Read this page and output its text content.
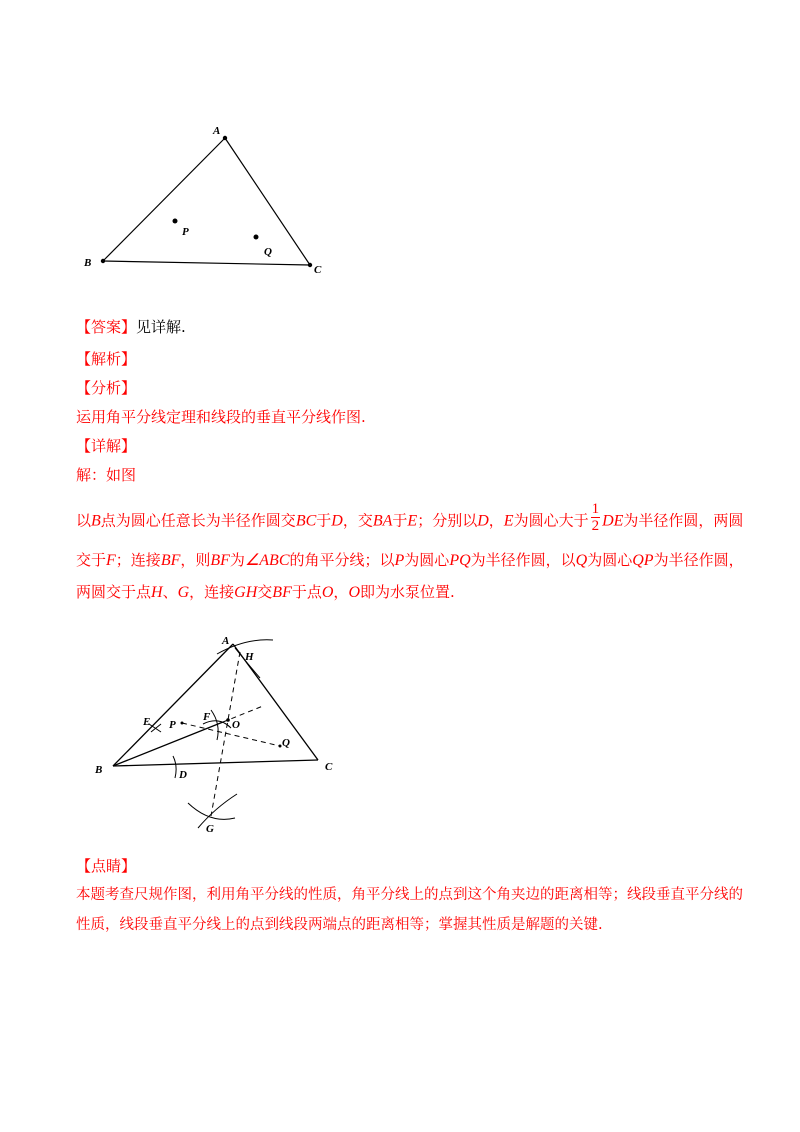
A
B
C
P
Q
【答案】见详解.
【解析】
【分析】
运用角平分线定理和线段的垂直平分线作图.
【详解】
解：如图
以B点为圆心任意长为半径作圆交BC于D，交BA于E；分别以D，E为圆心大于 $\frac{1}{2}$ DE为半径作圆，两圆
交于F；连接BF，则BF为∠ABC的角平分线；以P为圆心PQ为半径作圆，以Q为圆心QP为半径作圆，
两圆交于点H、G，连接GH交BF于点O，O即为水泵位置.
A
H
B	C
D
E P
F
O
Q
G
【点睛】
本题考查尺规作图，利用角平分线的性质，角平分线上的点到这个角夹边的距离相等；线段垂直平分线的
性质，线段垂直平分线上的点到线段两端点的距离相等；掌握其性质是解题的关键.
